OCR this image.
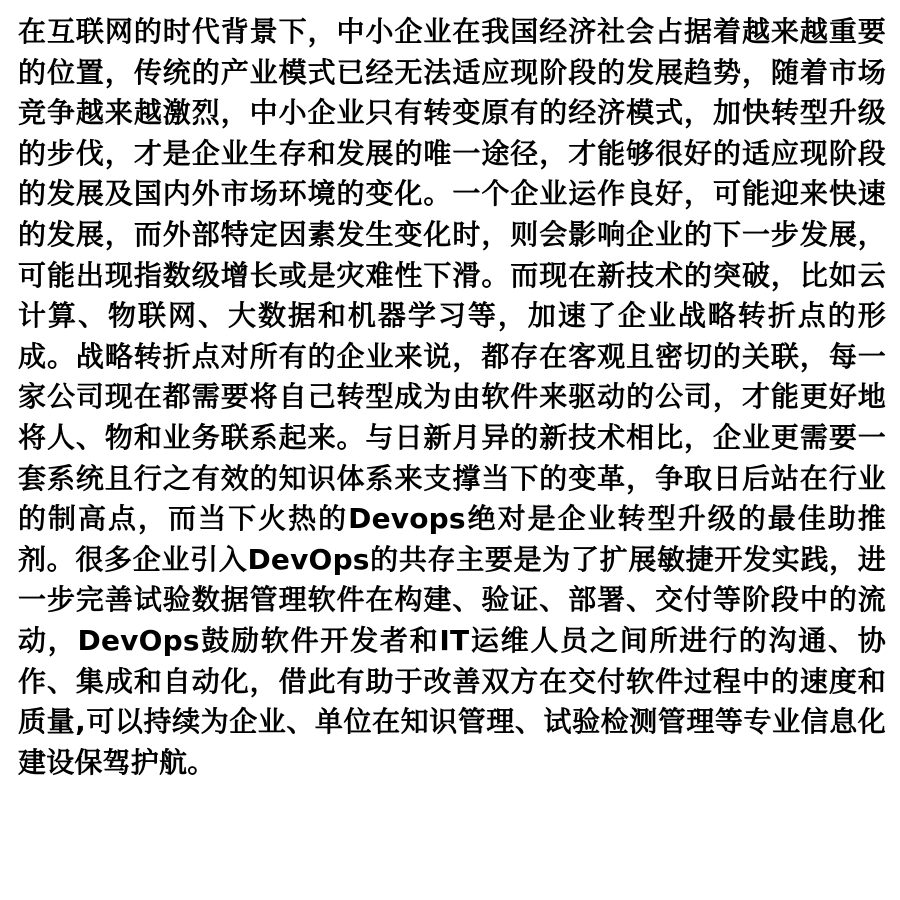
在互联网的时代背景下，中小企业在我国经济社会占据着越来越重要的位置，传统的产业模式已经无法适应现阶段的发展趋势，随着市场竞争越来越激烈，中小企业只有转变原有的经济模式，加快转型升级的步伐，才是企业生存和发展的唯一途径，才能够很好的适应现阶段的发展及国内外市场环境的变化。一个企业运作良好，可能迎来快速的发展，而外部特定因素发生变化时，则会影响企业的下一步发展，可能出现指数级增长或是灾难性下滑。而现在新技术的突破，比如云计算、物联网、大数据和机器学习等，加速了企业战略转折点的形成。战略转折点对所有的企业来说，都存在客观且密切的关联，每一家公司现在都需要将自己转型成为由软件来驱动的公司，才能更好地将人、物和业务联系起来。与日新月异的新技术相比，企业更需要一套系统且行之有效的知识体系来支撑当下的变革，争取日后站在行业的制高点，而当下火热的Devops绝对是企业转型升级的最佳助推剂。很多企业引入DevOps的共存主要是为了扩展敏捷开发实践，进一步完善试验数据管理软件在构建、验证、部署、交付等阶段中的流动，DevOps鼓励软件开发者和IT运维人员之间所进行的沟通、协作、集成和自动化，借此有助于改善双方在交付软件过程中的速度和质量,可以持续为企业、单位在知识管理、试验检测管理等专业信息化建设保驾护航。
